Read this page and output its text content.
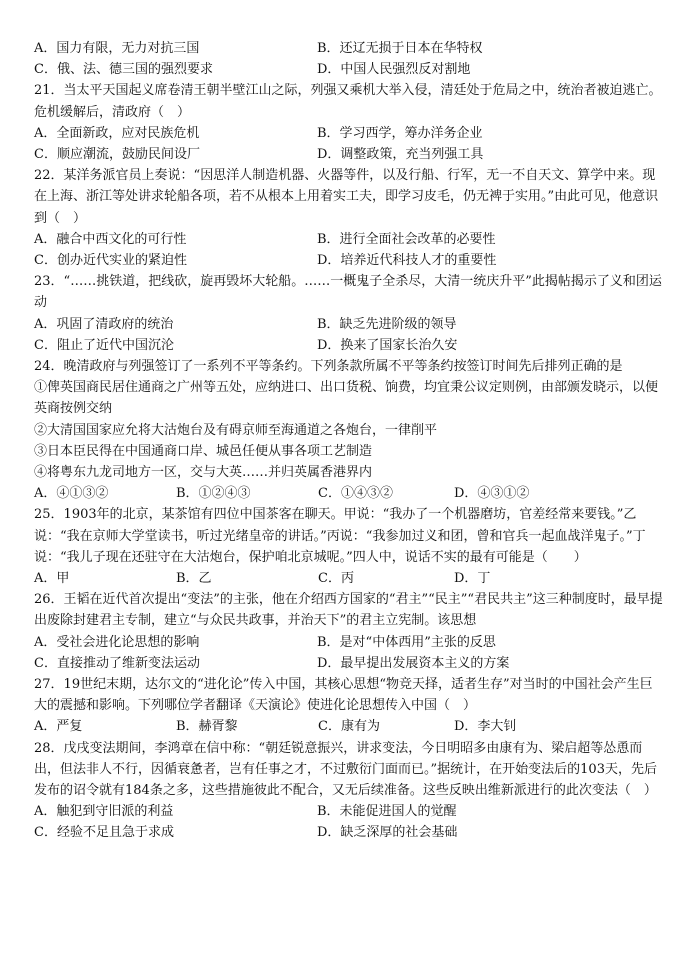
A．国力有限，无力对抗三国	B．还辽无损于日本在华特权
C．俄、法、德三国的强烈要求	D．中国人民强烈反对割地
21．当太平天国起义席卷清王朝半壁江山之际，列强又乘机大举入侵，清廷处于危局之中，统治者被迫逃亡。危机缓解后，清政府（　）
A．全面新政，应对民族危机	B．学习西学，筹办洋务企业
C．顺应潮流，鼓励民间设厂	D．调整政策，充当列强工具
22．某洋务派官员上奏说：“因思洋人制造机器、火器等件，以及行船、行军，无一不自天文、算学中来。现在上海、浙江等处讲求轮船各项，若不从根本上用着实工夫，即学习皮毛，仍无裨于实用。”由此可见，他意识到（　）
A．融合中西文化的可行性	B．进行全面社会改革的必要性
C．创办近代实业的紧迫性	D．培养近代科技人才的重要性
23．“……挑铁道，把线砍，旋再毁坏大轮船。……一概鬼子全杀尽，大清一统庆升平”此揭帖揭示了义和团运动
A．巩固了清政府的统治	B．缺乏先进阶级的领导
C．阻止了近代中国沉沦	D．换来了国家长治久安
24．晚清政府与列强签订了一系列不平等条约。下列条款所属不平等条约按签订时间先后排列正确的是
①俾英国商民居住通商之广州等五处，应纳进口、出口货税、饷费，均宜秉公议定则例，由部颁发晓示，以便英商按例交纳
②大清国国家应允将大沽炮台及有碍京师至海通道之各炮台，一律削平
③日本臣民得在中国通商口岸、城邑任便从事各项工艺制造
④将粤东九龙司地方一区，交与大英……并归英属香港界内
A．④①③②	B．①②④③	C．①④③②	D．④③①②
25．1903年的北京，某茶馆有四位中国茶客在聊天。甲说：“我办了一个机器磨坊，官差经常来要钱。”乙说：“我在京师大学堂读书，听过光绪皇帝的讲话。”丙说：“我参加过义和团，曾和官兵一起血战洋鬼子。”丁说：“我儿子现在还驻守在大沽炮台，保护咱北京城呢。”四人中，说话不实的最有可能是（　　）
A．甲	B．乙	C．丙	D．丁
26．王韬在近代首次提出“变法”的主张，他在介绍西方国家的“君主”“民主”“君民共主”这三种制度时，最早提出废除封建君主专制，建立“与众民共政事，并治天下”的君主立宪制。该思想
A．受社会进化论思想的影响	B．是对“中体西用”主张的反思
C．直接推动了维新变法运动	D．最早提出发展资本主义的方案
27．19世纪末期，达尔文的“进化论”传入中国，其核心思想“物竞天择，适者生存”对当时的中国社会产生巨大的震撼和影响。下列哪位学者翻译《天演论》使进化论思想传入中国（　）
A．严复	B．赫胥黎	C．康有为	D．李大钊
28．戊戌变法期间，李鸿章在信中称：“朝廷锐意振兴，讲求变法，今日明昭多由康有为、梁启超等怂恿而出，但法非人不行，因循衰惫者，岂有任事之才，不过敷衍门面而已。”据统计，在开始变法后的103天，先后发布的诏令就有184条之多，这些措施彼此不配合，又无后续准备。这些反映出维新派进行的此次变法（　）
A．触犯到守旧派的利益	B．未能促进国人的觉醒
C．经验不足且急于求成	D．缺乏深厚的社会基础
